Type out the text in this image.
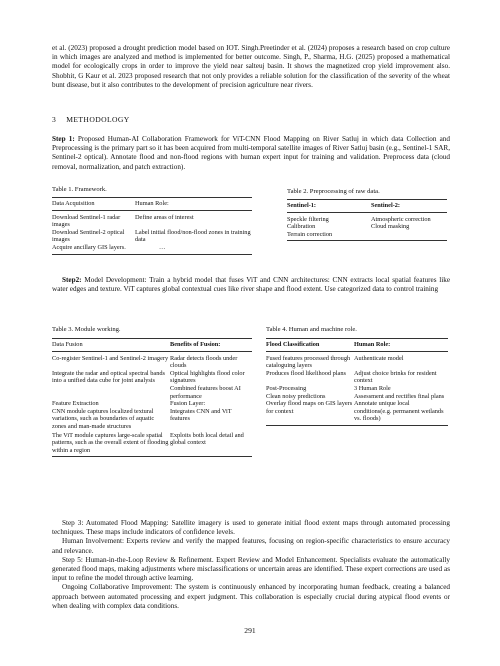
et al. (2023) proposed a drought prediction model based on IOT. Singh.Preetinder et al. (2024) proposes a research based on crop culture in which images are analyzed and method is implemented for better outcome. Singh, P., Sharma, H.G. (2025) proposed a mathematical model for ecologically crops in order to improve the yield near salteuj basin. It shows the magnetized crop yield improvement also. Shobhit, G Kaur et al. 2023 proposed research that not only provides a reliable solution for the classification of the severity of the wheat bunt disease, but it also contributes to the development of precision agriculture near rivers.

3 METHODOLOGY

Step 1: Proposed Human-AI Collaboration Framework for ViT-CNN Flood Mapping on River Satluj in which data Collection and Preprocessing is the primary part so it has been acquired from multi-temporal satellite images of River Satluj basin (e.g., Sentinel-1 SAR, Sentinel-2 optical). Annotate flood and non-flood regions with human expert input for training and validation. Preprocess data (cloud removal, normalization, and patch extraction).

Table 1. Framework.
Data Acquisition	Human Role:
Download Sentinel-1 radar images	Define areas of interest
Download Sentinel-2 optical images	Label initial flood/non-flood zones in training data
Acquire ancillary GIS layers.	…
Table 2. Preprocessing of raw data.
Sentinel-1:	Sentinel-2:
Speckle filtering	Atmospheric correction
Calibration	Cloud masking
Terrain correction	

Step2: Model Development: Train a hybrid model that fuses ViT and CNN architectures: CNN extracts local spatial features like water edges and texture. ViT captures global contextual cues like river shape and flood extent. Use categorized data to control training

Table 3. Module working.
Data Fusion	Benefits of Fusion:
Co-register Sentinel-1 and Sentinel-2 imagery	Radar detects floods under clouds
Integrate the radar and optical spectral bands into a unified data cube for joint analysis	Optical highlights flood color signatures
	Combined features boost AI performance
Feature Extraction	Fusion Layer:
CNN module captures localized textural variations, such as boundaries of aquatic zones and man-made structures	Integrates CNN and ViT features
The ViT module captures large-scale spatial patterns, such as the overall extent of flooding within a region	Exploits both local detail and global context
Table 4. Human and machine role.
Flood Classification	Human Role:
Fused features processed through cataloguing layers	Authenticate model
Produces flood likelihood plans	Adjust choice brinks for resident context
Post-Processing	3 Human Role
Clean noisy predictions	Assessment and rectifies final plans
Overlay flood maps on GIS layers for context	Annotate unique local conditions(e.g. permanent wetlands vs. floods)

Step 3: Automated Flood Mapping: Satellite imagery is used to generate initial flood extent maps through automated processing techniques. These maps include indicators of confidence levels.

Human Involvement: Experts review and verify the mapped features, focusing on region-specific characteristics to ensure accuracy and relevance.

Step 5: Human-in-the-Loop Review & Refinement. Expert Review and Model Enhancement. Specialists evaluate the automatically generated flood maps, making adjustments where misclassifications or uncertain areas are identified. These expert corrections are used as input to refine the model through active learning.

Ongoing Collaborative Improvement: The system is continuously enhanced by incorporating human feedback, creating a balanced approach between automated processing and expert judgment. This collaboration is especially crucial during atypical flood events or when dealing with complex data conditions.

291
